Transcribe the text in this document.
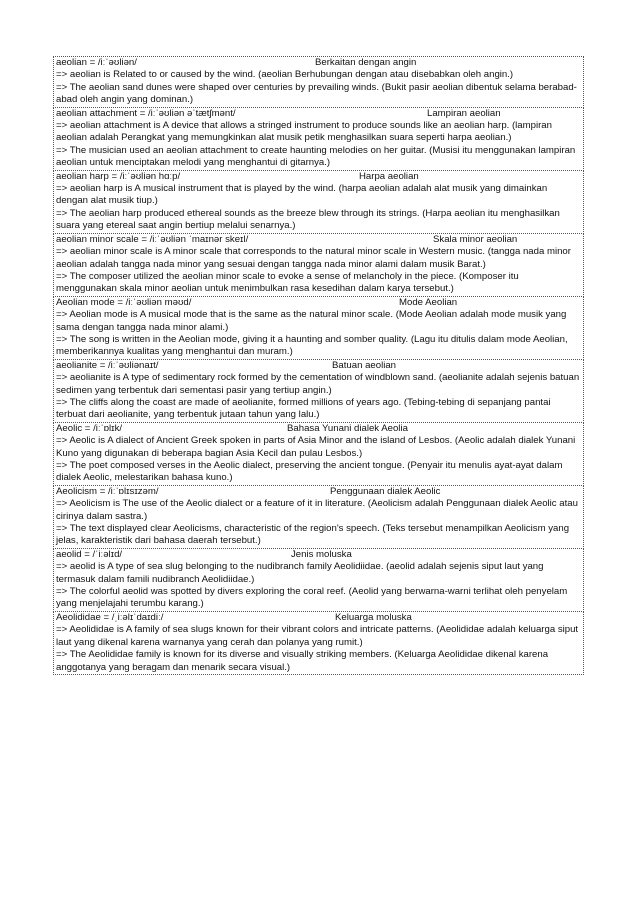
aeolian = /iːˈəʊliən/	Berkaitan dengan angin
=> aeolian is Related to or caused by the wind. (aeolian Berhubungan dengan atau disebabkan oleh angin.)
=> The aeolian sand dunes were shaped over centuries by prevailing winds. (Bukit pasir aeolian dibentuk selama berabad-abad oleh angin yang dominan.)
aeolian attachment = /iːˈəʊliən əˈtætʃmənt/	Lampiran aeolian
=> aeolian attachment is A device that allows a stringed instrument to produce sounds like an aeolian harp. (lampiran aeolian adalah Perangkat yang memungkinkan alat musik petik menghasilkan suara seperti harpa aeolian.)
=> The musician used an aeolian attachment to create haunting melodies on her guitar. (Musisi itu menggunakan lampiran aeolian untuk menciptakan melodi yang menghantui di gitarnya.)
aeolian harp = /iːˈəʊliən hɑːp/	Harpa aeolian
=> aeolian harp is A musical instrument that is played by the wind. (harpa aeolian adalah alat musik yang dimainkan dengan alat musik tiup.)
=> The aeolian harp produced ethereal sounds as the breeze blew through its strings. (Harpa aeolian itu menghasilkan suara yang etereal saat angin bertiup melalui senarnya.)
aeolian minor scale = /iːˈəʊliən ˈmaɪnər skeɪl/	Skala minor aeolian
=> aeolian minor scale is A minor scale that corresponds to the natural minor scale in Western music. (tangga nada minor aeolian adalah tangga nada minor yang sesuai dengan tangga nada minor alami dalam musik Barat.)
=> The composer utilized the aeolian minor scale to evoke a sense of melancholy in the piece. (Komposer itu menggunakan skala minor aeolian untuk menimbulkan rasa kesedihan dalam karya tersebut.)
Aeolian mode = /iːˈəʊliən məʊd/	Mode Aeolian
=> Aeolian mode is A musical mode that is the same as the natural minor scale. (Mode Aeolian adalah mode musik yang sama dengan tangga nada minor alami.)
=> The song is written in the Aeolian mode, giving it a haunting and somber quality. (Lagu itu ditulis dalam mode Aeolian, memberikannya kualitas yang menghantui dan muram.)
aeolianite = /iːˈəʊliənaɪt/	Batuan aeolian
=> aeolianite is A type of sedimentary rock formed by the cementation of windblown sand. (aeolianite adalah sejenis batuan sedimen yang terbentuk dari sementasi pasir yang tertiup angin.)
=> The cliffs along the coast are made of aeolianite, formed millions of years ago. (Tebing-tebing di sepanjang pantai terbuat dari aeolianite, yang terbentuk jutaan tahun yang lalu.)
Aeolic = /iːˈɒlɪk/	Bahasa Yunani dialek Aeolia
=> Aeolic is A dialect of Ancient Greek spoken in parts of Asia Minor and the island of Lesbos. (Aeolic adalah dialek Yunani Kuno yang digunakan di beberapa bagian Asia Kecil dan pulau Lesbos.)
=> The poet composed verses in the Aeolic dialect, preserving the ancient tongue. (Penyair itu menulis ayat-ayat dalam dialek Aeolic, melestarikan bahasa kuno.)
Aeolicism = /iːˈɒlɪsɪzəm/	Penggunaan dialek Aeolic
=> Aeolicism is The use of the Aeolic dialect or a feature of it in literature. (Aeolicism adalah Penggunaan dialek Aeolic atau cirinya dalam sastra.)
=> The text displayed clear Aeolicisms, characteristic of the region's speech. (Teks tersebut menampilkan Aeolicism yang jelas, karakteristik dari bahasa daerah tersebut.)
aeolid = /ˈiːəlɪd/	Jenis moluska
=> aeolid is A type of sea slug belonging to the nudibranch family Aeolidiidae. (aeolid adalah sejenis siput laut yang termasuk dalam famili nudibranch Aeolidiidae.)
=> The colorful aeolid was spotted by divers exploring the coral reef. (Aeolid yang berwarna-warni terlihat oleh penyelam yang menjelajahi terumbu karang.)
Aeolididae = /ˌiːəlɪˈdaɪdiː/	Keluarga moluska
=> Aeolididae is A family of sea slugs known for their vibrant colors and intricate patterns. (Aeolididae adalah keluarga siput laut yang dikenal karena warnanya yang cerah dan polanya yang rumit.)
=> The Aeolididae family is known for its diverse and visually striking members. (Keluarga Aeolididae dikenal karena anggotanya yang beragam dan menarik secara visual.)
